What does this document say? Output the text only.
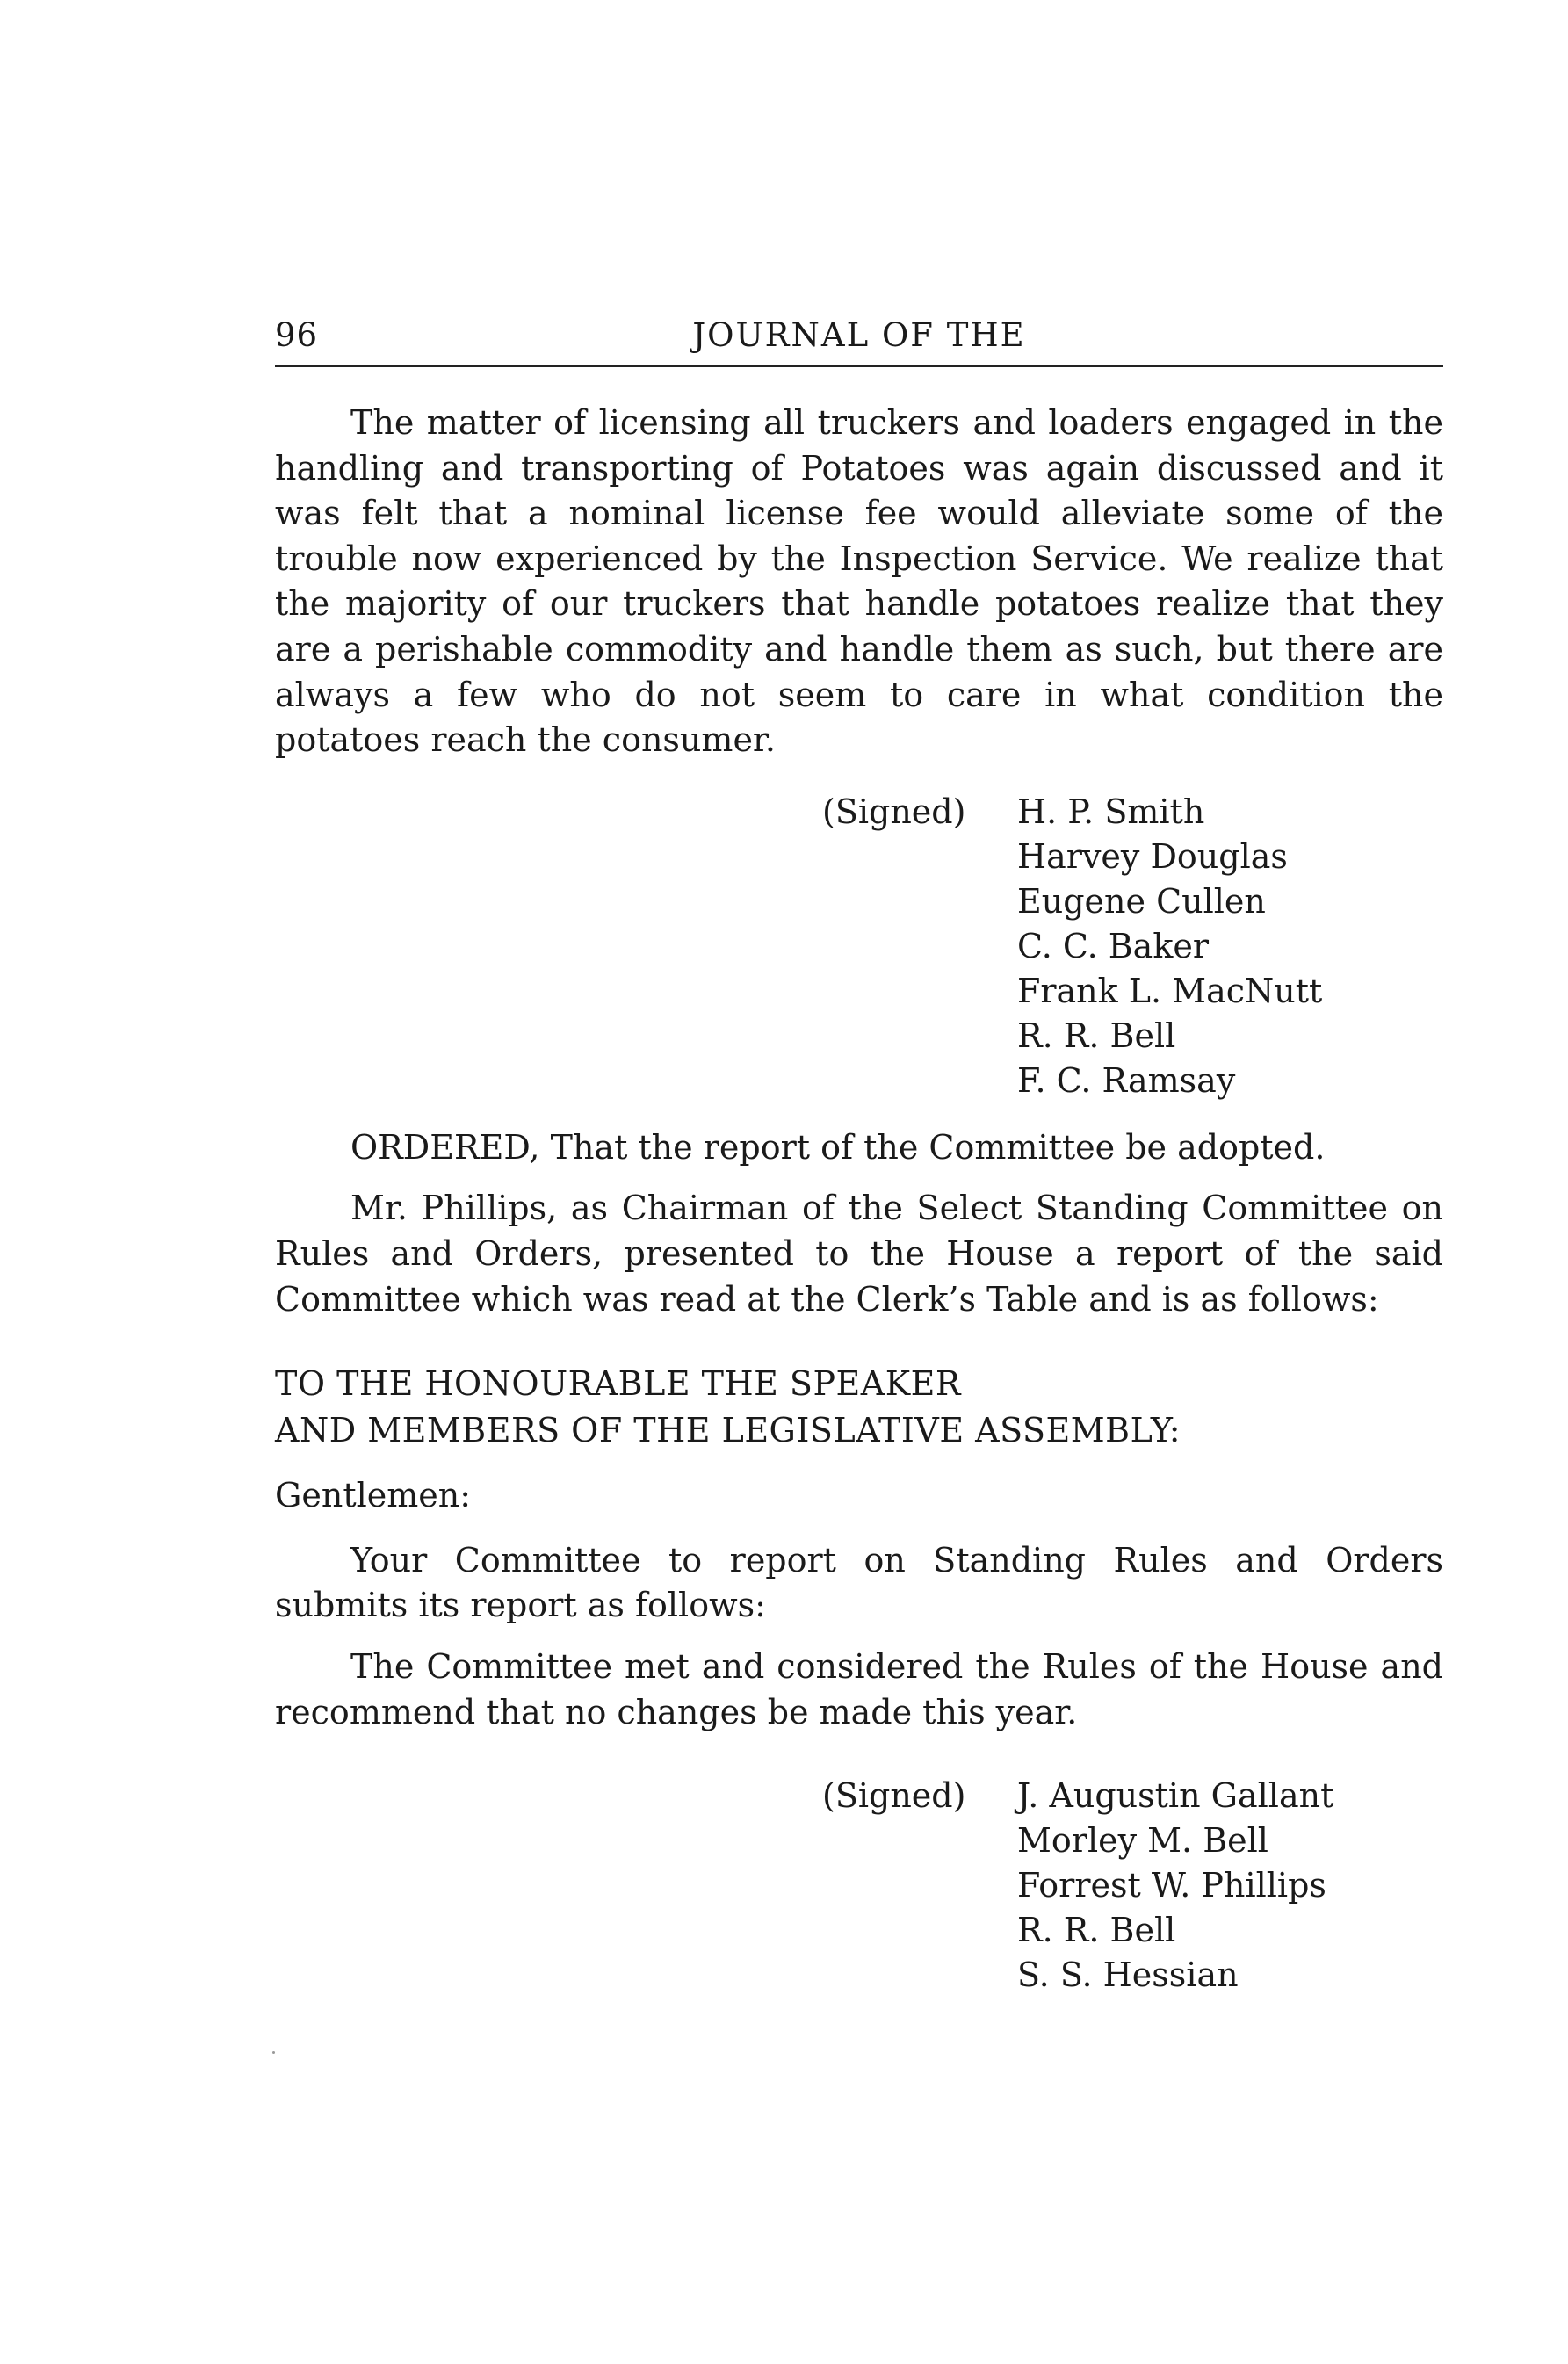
96	JOURNAL OF THE

The matter of licensing all truckers and loaders engaged in the handling and transporting of Potatoes was again discussed and it was felt that a nominal license fee would alleviate some of the trouble now experienced by the Inspection Service. We realize that the majority of our truckers that handle potatoes realize that they are a perishable commodity and handle them as such, but there are always a few who do not seem to care in what condition the potatoes reach the consumer.

(Signed) H. P. Smith
Harvey Douglas
Eugene Cullen
C. C. Baker
Frank L. MacNutt
R. R. Bell
F. C. Ramsay

ORDERED, That the report of the Committee be adopted.

Mr. Phillips, as Chairman of the Select Standing Committee on Rules and Orders, presented to the House a report of the said Committee which was read at the Clerk’s Table and is as follows:

TO THE HONOURABLE THE SPEAKER
AND MEMBERS OF THE LEGISLATIVE ASSEMBLY:

Gentlemen:

Your Committee to report on Standing Rules and Orders submits its report as follows:

The Committee met and considered the Rules of the House and recommend that no changes be made this year.

(Signed) J. Augustin Gallant
Morley M. Bell
Forrest W. Phillips
R. R. Bell
S. S. Hessian
